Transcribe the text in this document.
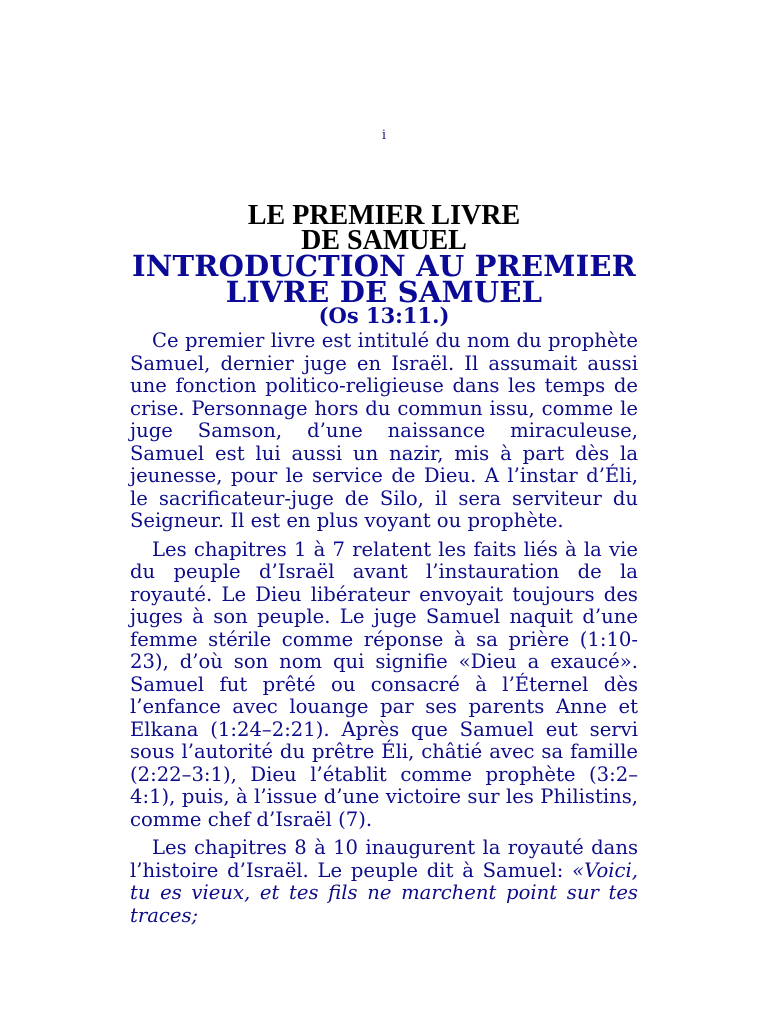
i

LE PREMIER LIVRE

DE SAMUEL

INTRODUCTION AU PREMIER

LIVRE DE SAMUEL

(Os 13:11.)

Ce premier livre est intitulé du nom du prophète Samuel, dernier juge en Israël. Il assumait aussi une fonction politico-religieuse dans les temps de crise. Personnage hors du commun issu, comme le juge Samson, d’une naissance miraculeuse, Samuel est lui aussi un nazir, mis à part dès la jeunesse, pour le service de Dieu. A l’instar d’Éli, le sacrificateur-juge de Silo, il sera serviteur du Seigneur. Il est en plus voyant ou prophète.

Les chapitres 1 à 7 relatent les faits liés à la vie du peuple d’Israël avant l’instauration de la royauté. Le Dieu libérateur envoyait toujours des juges à son peuple. Le juge Samuel naquit d’une femme stérile comme réponse à sa prière (1:10-23), d’où son nom qui signifie «Dieu a exaucé». Samuel fut prêté ou consacré à l’Éternel dès l’enfance avec louange par ses parents Anne et Elkana (1:24–2:21). Après que Samuel eut servi sous l’autorité du prêtre Éli, châtié avec sa famille (2:22–3:1), Dieu l’établit comme prophète (3:2–4:1), puis, à l’issue d’une victoire sur les Philistins, comme chef d’Israël (7).

Les chapitres 8 à 10 inaugurent la royauté dans l’histoire d’Israël. Le peuple dit à Samuel: «Voici, tu es vieux, et tes fils ne marchent point sur tes traces;
